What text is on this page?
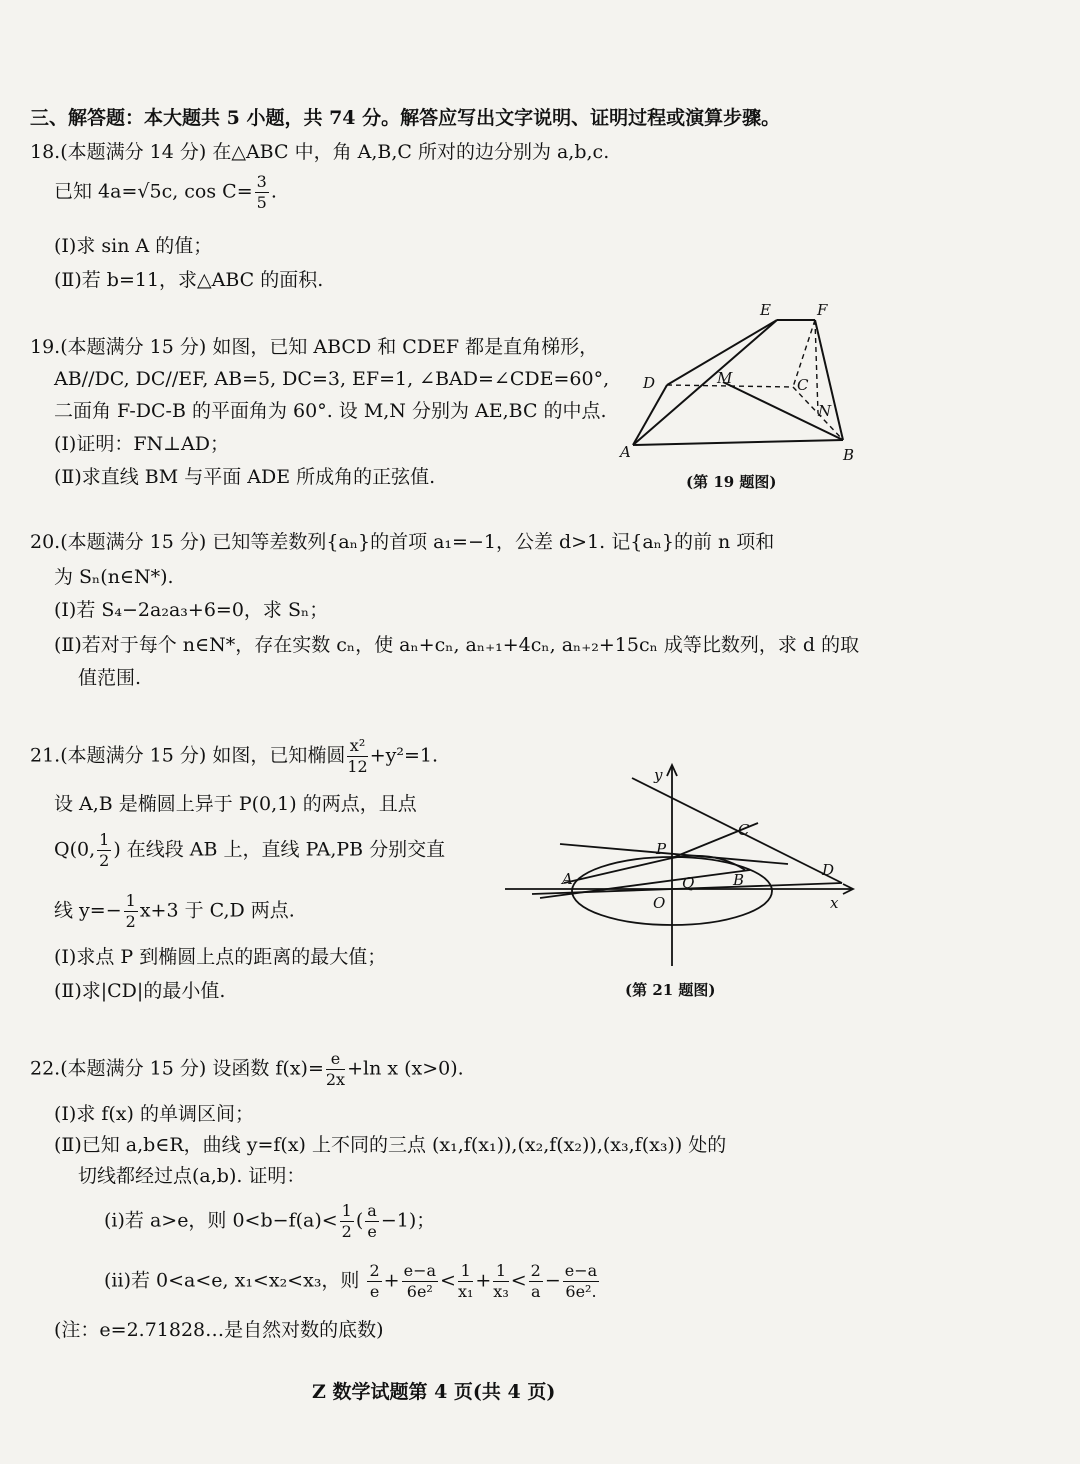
三、解答题：本大题共 5 小题，共 74 分。解答应写出文字说明、证明过程或演算步骤。
18.(本题满分 14 分) 在△ABC 中，角 A,B,C 所对的边分别为 a,b,c.
已知 4a=√5c, $\cos C= \frac{3}{5}$ .
(Ⅰ)求 sin A 的值；
(Ⅱ)若 b=11，求△ABC 的面积.
19.(本题满分 15 分) 如图，已知 ABCD 和 CDEF 都是直角梯形，
AB//DC, DC//EF, AB=5, DC=3, EF=1, ∠BAD=∠CDE=60°,
二面角 F-DC-B 的平面角为 60°. 设 M,N 分别为 AE,BC 的中点.
(Ⅰ)证明：FN⊥AD；
(Ⅱ)求直线 BM 与平面 ADE 所成角的正弦值.
E	F
D	M	C
N
A	B
(第 19 题图)
20.(本题满分 15 分) 已知等差数列{aₙ}的首项 a₁=−1，公差 d>1. 记{aₙ}的前 n 项和
为 Sₙ(n∈N*).
(Ⅰ)若 S₄−2a₂a₃+6=0，求 Sₙ；
(Ⅱ)若对于每个 n∈N*，存在实数 cₙ，使 aₙ+cₙ, aₙ₊₁+4cₙ, aₙ₊₂+15cₙ 成等比数列，求 d 的取
值范围.
21.(本题满分 15 分) 如图，已知椭圆 $\frac{\text{x²}}{12} +y^2=1$.
设 A,B 是椭圆上异于 P(0,1) 的两点，且点
Q(0, $\frac{1}{2}$ ) 在线段 AB 上，直线 PA,PB 分别交直
线 $y=- \frac{1}{2} x+3$ 于 C,D 两点.
(Ⅰ)求点 P 到椭圆上点的距离的最大值；
(Ⅱ)求|CD|的最小值.
y
x
C
P
D
A	Q	B
O
(第 21 题图)
22.(本题满分 15 分) 设函数 $f(x)= \frac{e}{2x} +\ln$ x (x>0).
(Ⅰ)求 f(x) 的单调区间；
(Ⅱ)已知 a,b∈R，曲线 y=f(x) 上不同的三点 (x₁,f(x₁)),(x₂,f(x₂)),(x₃,f(x₃)) 处的
切线都经过点(a,b). 证明：
(ⅰ)若 a>e，则 $0<b-f(a)< \frac{1}{2}$ ( $\frac{a}{e} -1$)；
(ⅱ)若 0<a<e, x₁<x₂<x₃，则 $\frac{2}{e} + \frac{e-a}{\text{6e²}} < \frac{1}{\text{x₁}} + \frac{1}{\text{x₃}} < \frac{2}{a} - \frac{e-a}{\text{6e².}}$
(注：e=2.71828…是自然对数的底数)
Z 数学试题第 4 页(共 4 页)
